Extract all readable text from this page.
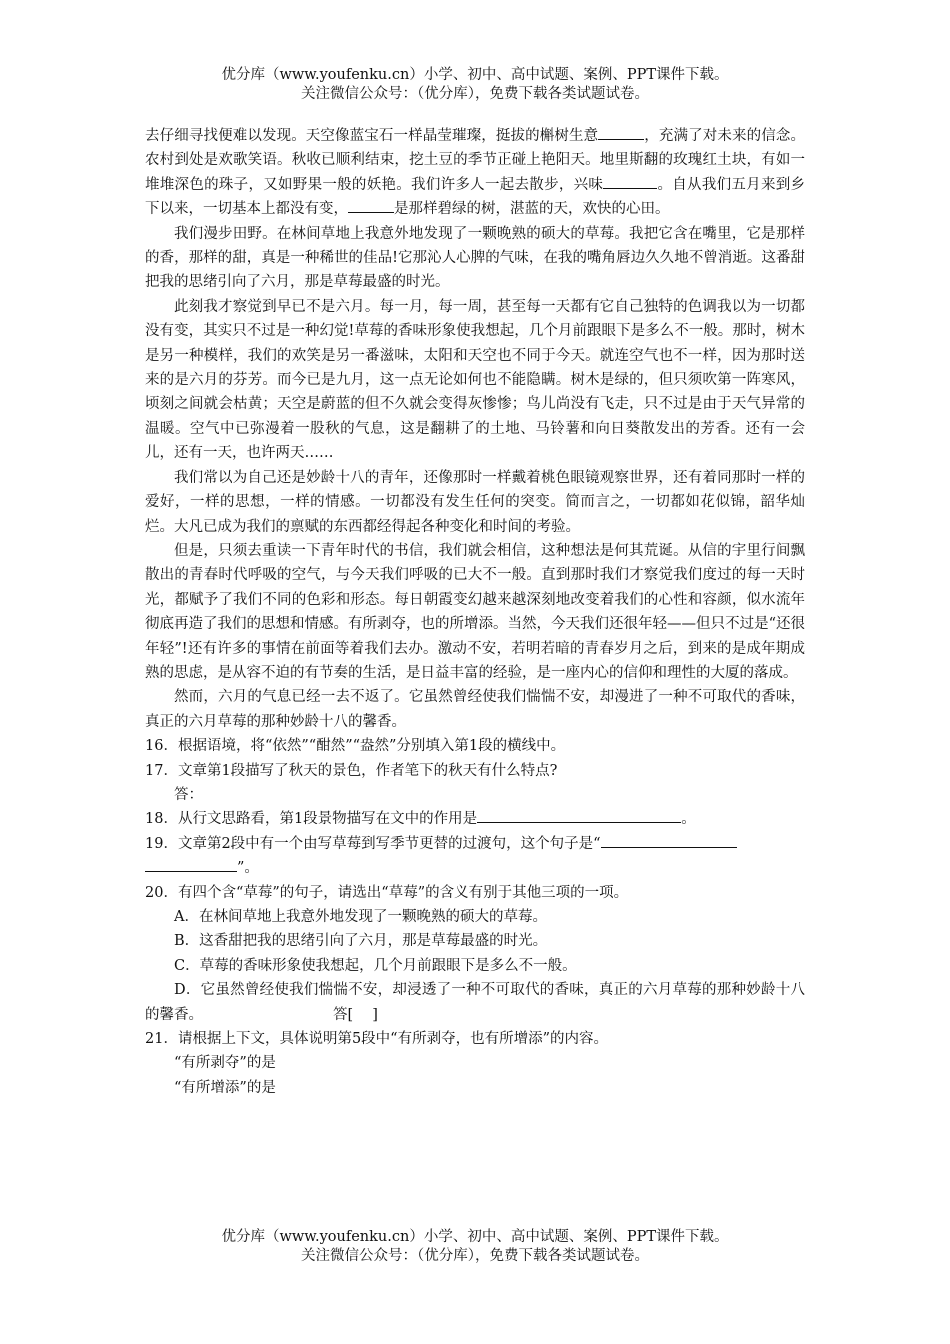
优分库（www.youfenku.cn）小学、初中、高中试题、案例、PPT课件下载。
关注微信公众号：（优分库），免费下载各类试题试卷。

去仔细寻找便难以发现。天空像蓝宝石一样晶莹璀璨，挺拔的槲树生意	，充满了对未来的信念。农村到处是欢歌笑语。秋收已顺利结束，挖土豆的季节正碰上艳阳天。地里斯翻的玫瑰红土块，有如一堆堆深色的珠子，又如野果一般的妖艳。我们许多人一起去散步，兴味	。自从我们五月来到乡下以来，一切基本上都没有变，	是那样碧绿的树，湛蓝的天，欢快的心田。

我们漫步田野。在林间草地上我意外地发现了一颗晚熟的硕大的草莓。我把它含在嘴里，它是那样的香，那样的甜，真是一种稀世的佳品!它那沁人心脾的气味，在我的嘴角唇边久久地不曾消逝。这番甜把我的思绪引向了六月，那是草莓最盛的时光。

此刻我才察觉到早已不是六月。每一月，每一周，甚至每一天都有它自己独特的色调我以为一切都没有变，其实只不过是一种幻觉!草莓的香味形象使我想起，几个月前跟眼下是多么不一般。那时，树木是另一种模样，我们的欢笑是另一番滋味，太阳和天空也不同于今天。就连空气也不一样，因为那时送来的是六月的芬芳。而今已是九月，这一点无论如何也不能隐瞒。树木是绿的，但只须吹第一阵寒风，顷刻之间就会枯黄；天空是蔚蓝的但不久就会变得灰惨惨；鸟儿尚没有飞走，只不过是由于天气异常的温暖。空气中已弥漫着一股秋的气息，这是翻耕了的土地、马铃薯和向日葵散发出的芳香。还有一会儿，还有一天，也许两天……

我们常以为自己还是妙龄十八的青年，还像那时一样戴着桃色眼镜观察世界，还有着同那时一样的爱好，一样的思想，一样的情感。一切都没有发生任何的突变。简而言之，一切都如花似锦，韶华灿烂。大凡已成为我们的禀赋的东西都经得起各种变化和时间的考验。

但是，只须去重读一下青年时代的书信，我们就会相信，这种想法是何其荒诞。从信的宇里行间飘散出的青春时代呼吸的空气，与今天我们呼吸的已大不一般。直到那时我们才察觉我们度过的每一天时光，都赋予了我们不同的色彩和形态。每日朝霞变幻越来越深刻地改变着我们的心性和容颜，似水流年彻底再造了我们的思想和情感。有所剥夺，也的所增添。当然，今天我们还很年轻——但只不过是“还很年轻”!还有许多的事情在前面等着我们去办。激动不安，若明若暗的青春岁月之后，到来的是成年期成熟的思虑，是从容不迫的有节奏的生活，是日益丰富的经验，是一座内心的信仰和理性的大厦的落成。

然而，六月的气息已经一去不返了。它虽然曾经使我们惴惴不安，却漫进了一种不可取代的香味，真正的六月草莓的那种妙龄十八的馨香。

16．根据语境，将“依然”“酣然”“盎然”分别填入第1段的横线中。

17．文章第1段描写了秋天的景色，作者笔下的秋天有什么特点?

答：

18．从行文思路看，第1段景物描写在文中的作用是	。

19．文章第2段中有一个由写草莓到写季节更替的过渡句，这个句子是“
”。

20．有四个含“草莓”的句子，请选出“草莓”的含义有别于其他三项的一项。

A．在林间草地上我意外地发现了一颗晚熟的硕大的草莓。

B．这香甜把我的思绪引向了六月，那是草莓最盛的时光。

C．草莓的香味形象使我想起，几个月前跟眼下是多么不一般。

D．它虽然曾经使我们惴惴不安，却浸透了一种不可取代的香味，真正的六月草莓的那种妙龄十八的馨香。	答[　 ]

21．请根据上下文，具体说明第5段中“有所剥夺，也有所增添”的内容。

“有所剥夺”的是

“有所增添”的是

优分库（www.youfenku.cn）小学、初中、高中试题、案例、PPT课件下载。
关注微信公众号：（优分库），免费下载各类试题试卷。
